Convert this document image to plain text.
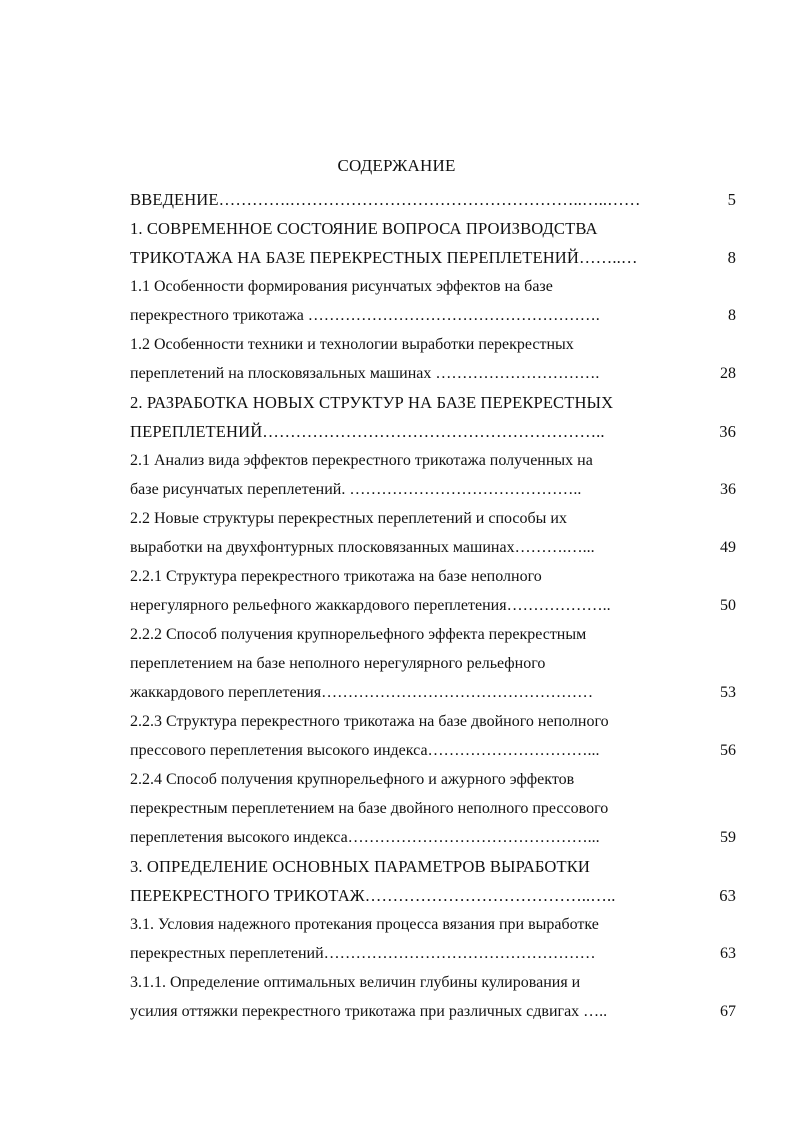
СОДЕРЖАНИЕ
ВВЕДЕНИЕ………….……………………………………………..…..……	5
1. СОВРЕМЕННОЕ СОСТОЯНИЕ ВОПРОСА ПРОИЗВОДСТВА
ТРИКОТАЖА НА БАЗЕ ПЕРЕКРЕСТНЫХ ПЕРЕПЛЕТЕНИЙ……..…	8
1.1 Особенности формирования рисунчатых эффектов на базе
перекрестного трикотажа ……………………………………………….	8
1.2 Особенности техники и технологии выработки перекрестных
переплетений на плосковязальных машинах ………………………….	28
2. РАЗРАБОТКА НОВЫХ СТРУКТУР НА БАЗЕ ПЕРЕКРЕСТНЫХ
ПЕРЕПЛЕТЕНИЙ……………………………………………………..	36
2.1 Анализ вида эффектов перекрестного трикотажа полученных на
базе рисунчатых переплетений. ……………………………………..	36
2.2 Новые структуры перекрестных переплетений и способы их
выработки на двухфонтурных плосковязанных машинах……….…...	49
2.2.1 Структура перекрестного трикотажа на базе неполного
нерегулярного рельефного жаккардового переплетения………………..	50
2.2.2 Способ получения крупнорельефного эффекта перекрестным
переплетением на базе неполного нерегулярного рельефного
жаккардового переплетения……………………………………………	53
2.2.3 Структура перекрестного трикотажа на базе двойного неполного
прессового переплетения высокого индекса…………………………...	56
2.2.4 Способ получения крупнорельефного и ажурного эффектов
перекрестным переплетением на базе двойного неполного прессового
переплетения высокого индекса………………………………………...	59
3. ОПРЕДЕЛЕНИЕ ОСНОВНЫХ ПАРАМЕТРОВ ВЫРАБОТКИ
ПЕРЕКРЕСТНОГО ТРИКОТАЖ…………………………………..…..	63
3.1. Условия надежного протекания процесса вязания при выработке
перекрестных переплетений……………………………………………	63
3.1.1. Определение оптимальных величин глубины кулирования и
усилия оттяжки перекрестного трикотажа при различных сдвигах …..	67
